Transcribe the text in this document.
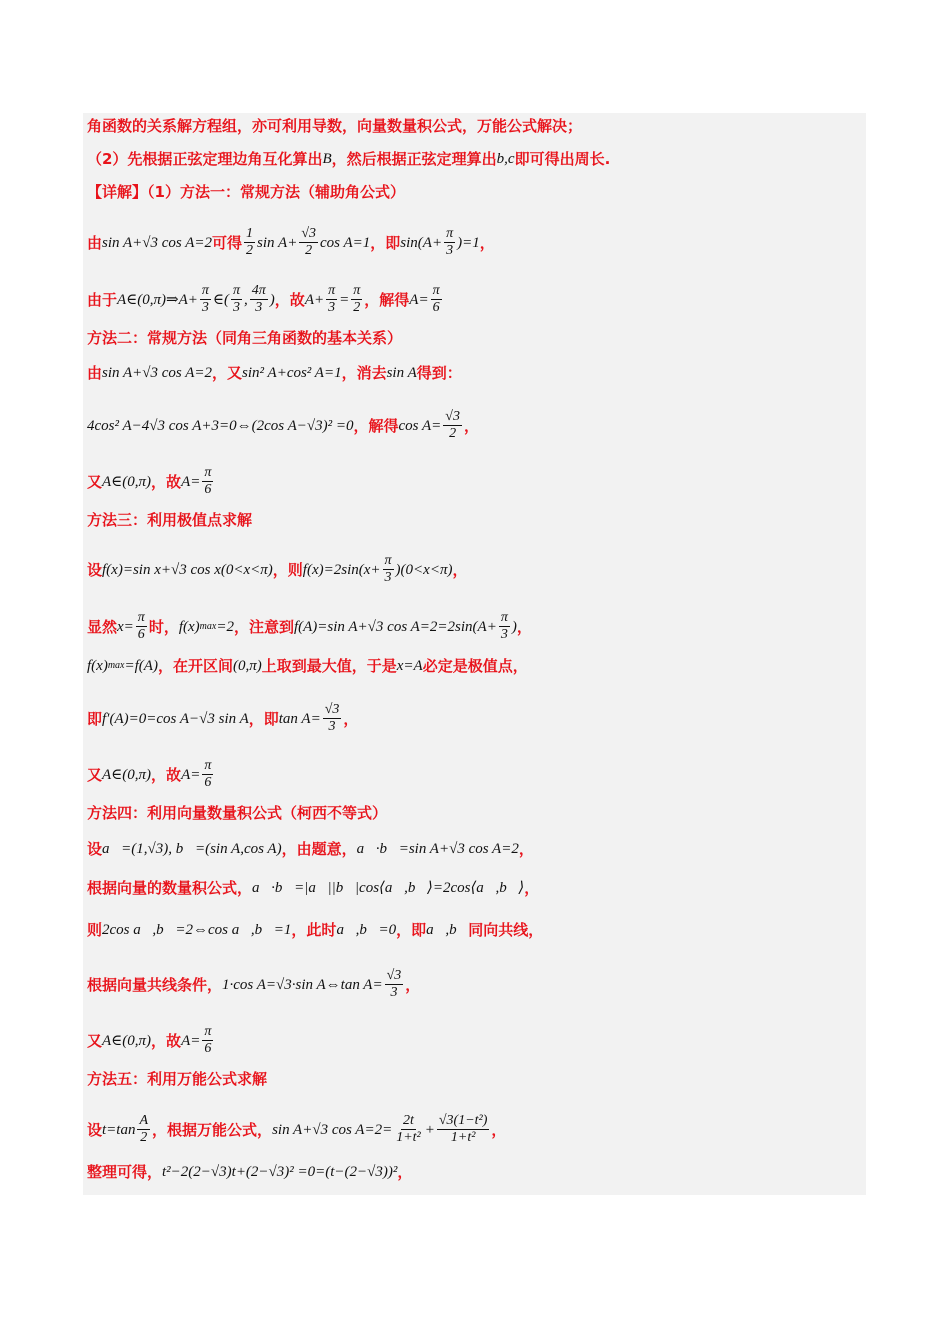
角函数的关系解方程组，亦可利用导数，向量数量积公式，万能公式解决；
（2）先根据正弦定理边角互化算出 B ，然后根据正弦定理算出 b,c 即可得出周长.
【详解】（1）方法一：常规方法（辅助角公式）
由 sin A+√3 cos A=2 可得 $\frac{1}{2}$ $\sin A+ \frac{√3}{2}$ cos A=1 ，即 $\sin(A+ \frac{\pi}{3} )=1$ ，
由于 A∈(0,π)⇒A+ $\frac{\pi}{3}$ ∈( $\frac{\pi}{3}$ , $\frac{4\pi}{3}$ ) ，故 $A+ \frac{\pi}{3} = \frac{\pi}{2}$ ，解得 $A= \frac{\pi}{6}$
方法二：常规方法（同角三角函数的基本关系）
由 sin A+√3 cos A=2 ，又 sin² A+cos² A=1 ，消去 sin A 得到：
4cos² A−4√3 cos A+3=0⇔(2cos A−√3)² =0 ，解得 $\cos A= \frac{√3}{2}$ ，
又 A∈(0,π) ，故 $A= \frac{\pi}{6}$
方法三：利用极值点求解
设 f(x)=sin x+√3 cos x(0<x<π) ，则 f(x)=2sin $(x+ \frac{\pi}{3} )(0<x<\pi)$ ，
显然 $x= \frac{\pi}{6}$ 时， f(x) max =2 ，注意到 f(A)=sin A+√3 $\cos A=2=2\sin(A+ \frac{\pi}{3}$ ) ，
f(x) max =f(A) ，在开区间 (0,π) 上取到最大值，于是 x=A 必定是极值点，
即 f′(A)=0=cos A−√3 sin A ，即 $\tan A= \frac{√3}{3}$ ，
又 A∈(0,π) ，故 $A= \frac{\pi}{6}$
方法四：利用向量数量积公式（柯西不等式）
设 a⃗=(1,√3), b⃗=(sin A,cos A) ，由题意， a⃗·b⃗=sin A+√3 cos A=2 ，
根据向量的数量积公式， a⃗·b⃗=|a⃗||b⃗|cos⟨a⃗,b⃗⟩=2cos⟨a⃗,b⃗⟩ ，
则 2cos a⃗,b⃗=2⇔cos a⃗,b⃗=1 ，此时 a⃗,b⃗=0 ，即 a⃗,b⃗ 同向共线，
根据向量共线条件， 1·cos A=√3·sin A⇔tan $A= \frac{√3}{3}$ ，
又 A∈(0,π) ，故 $A= \frac{\pi}{6}$
方法五：利用万能公式求解
设 $t=\tan \frac{A}{2}$ ，根据万能公式， sin A+√3 $\cos A=2= \frac{2t}{\text{1+t²}} + \frac{\text{√3(1−t²)}}{\text{1+t²}}$ ，
整理可得， t²−2(2−√3)t+(2−√3)² =0=(t−(2−√3))² ，
